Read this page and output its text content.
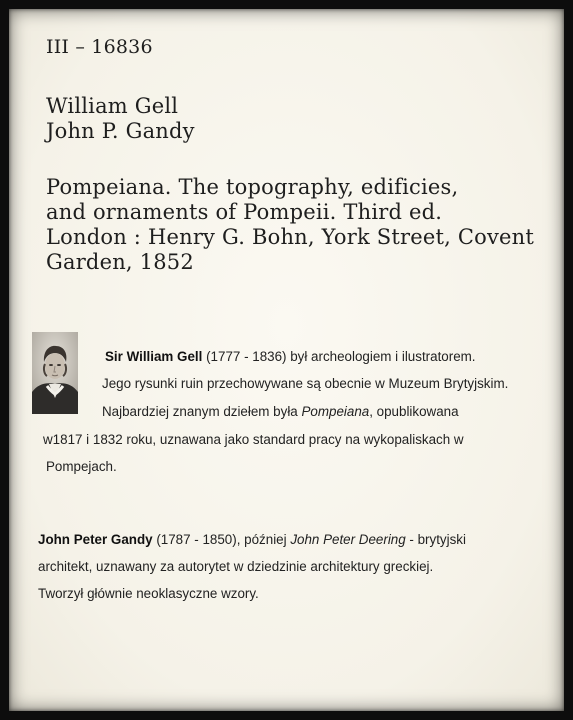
III – 16836
William Gell
John P. Gandy
Pompeiana. The topography, edificies,
and ornaments of Pompeii. Third ed.
London : Henry G. Bohn, York Street, Covent
Garden, 1852
Sir William Gell (1777 - 1836) był archeologiem i ilustratorem.
Jego rysunki ruin przechowywane są obecnie w Muzeum Brytyjskim.
Najbardziej znanym dziełem była Pompeiana, opublikowana
w1817 i 1832 roku, uznawana jako standard pracy na wykopaliskach w
Pompejach.
John Peter Gandy (1787 - 1850), później John Peter Deering - brytyjski
architekt, uznawany za autorytet w dziedzinie architektury greckiej.
Tworzył głównie neoklasyczne wzory.
